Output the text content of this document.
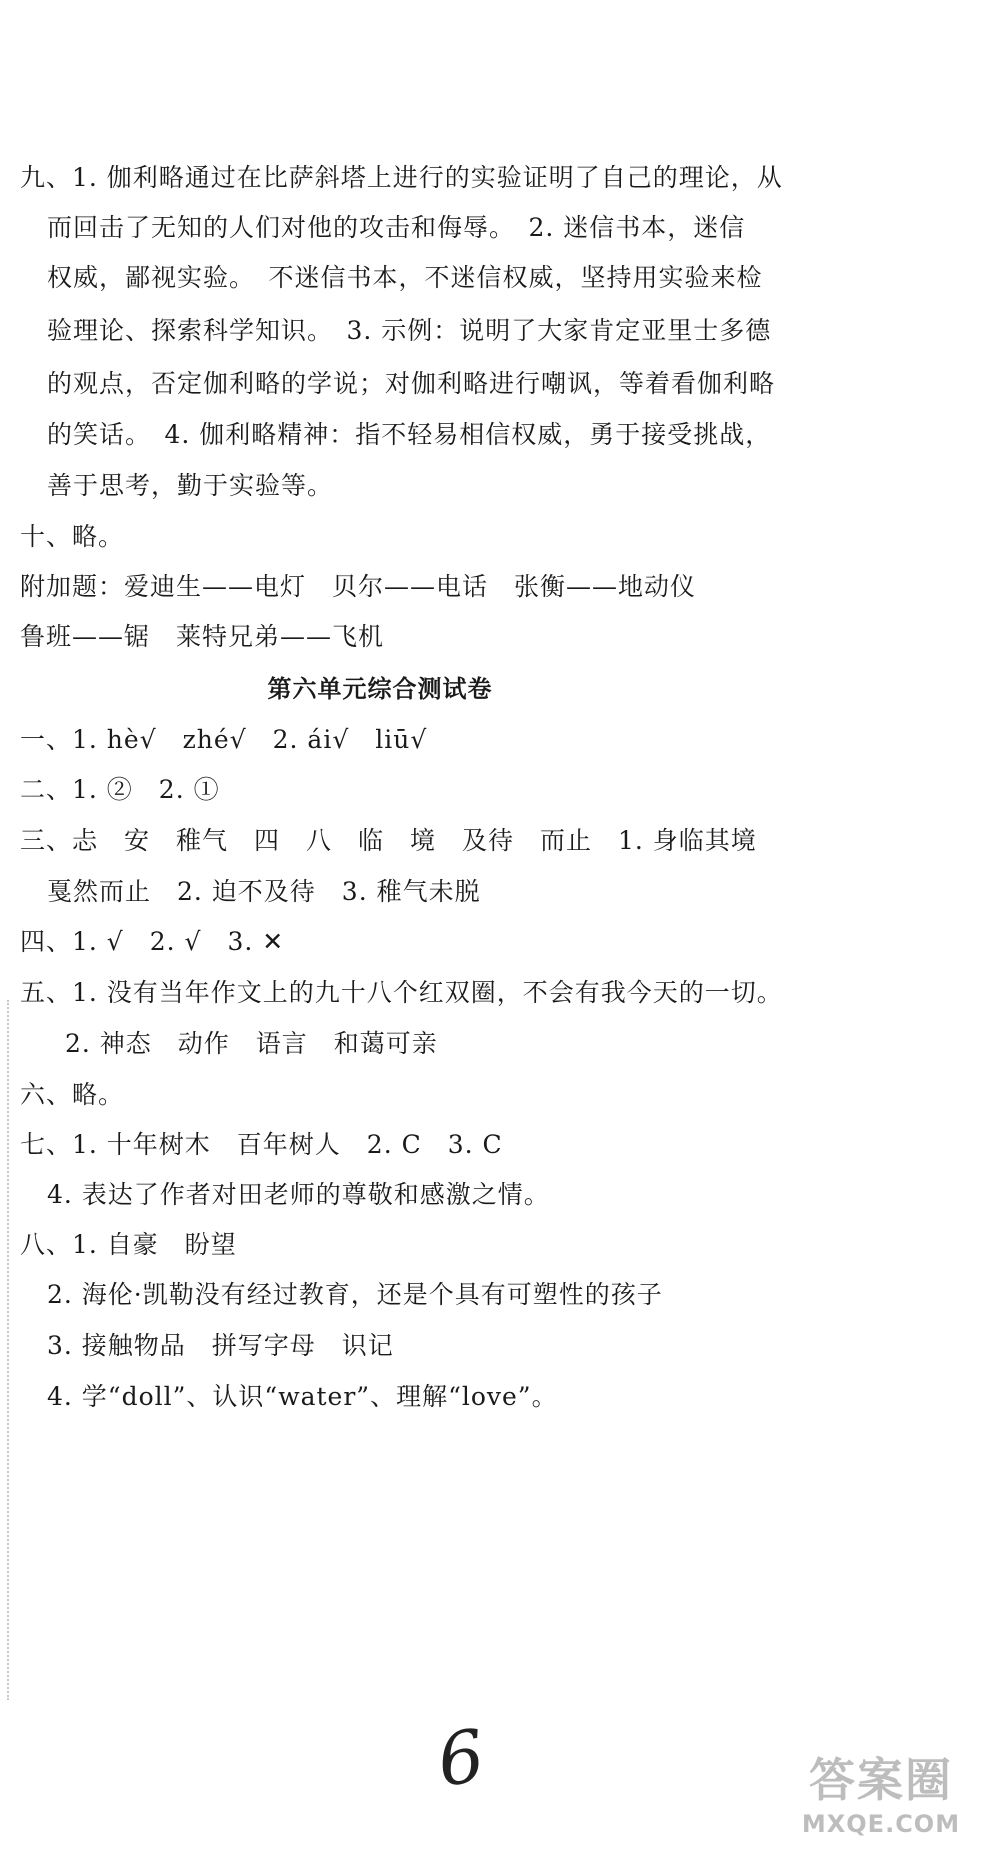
九、1. 伽利略通过在比萨斜塔上进行的实验证明了自己的理论，从
而回击了无知的人们对他的攻击和侮辱。　2. 迷信书本，迷信
权威，鄙视实验。　不迷信书本，不迷信权威，坚持用实验来检
验理论、探索科学知识。　3. 示例：说明了大家肯定亚里士多德
的观点，否定伽利略的学说；对伽利略进行嘲讽，等着看伽利略
的笑话。　4. 伽利略精神：指不轻易相信权威，勇于接受挑战，
善于思考，勤于实验等。
十、略。
附加题：爱迪生——电灯　贝尔——电话　张衡——地动仪
鲁班——锯　莱特兄弟——飞机
第六单元综合测试卷
一、1. hè√　zhé√　2. ái√　liū√
二、1. ②　2. ①
三、忐　安　稚气　四　八　临　境　及待　而止　1. 身临其境
戛然而止　2. 迫不及待　3. 稚气未脱
四、1. √　2. √　3. ✕
五、1. 没有当年作文上的九十八个红双圈，不会有我今天的一切。
2. 神态　动作　语言　和蔼可亲
六、略。
七、1. 十年树木　百年树人　2. C　3. C
4. 表达了作者对田老师的尊敬和感激之情。
八、1. 自豪　盼望
2. 海伦·凯勒没有经过教育，还是个具有可塑性的孩子
3. 接触物品　拼写字母　识记
4. 学“doll”、认识“water”、理解“love”。
6	答案圈
MXQE.COM
